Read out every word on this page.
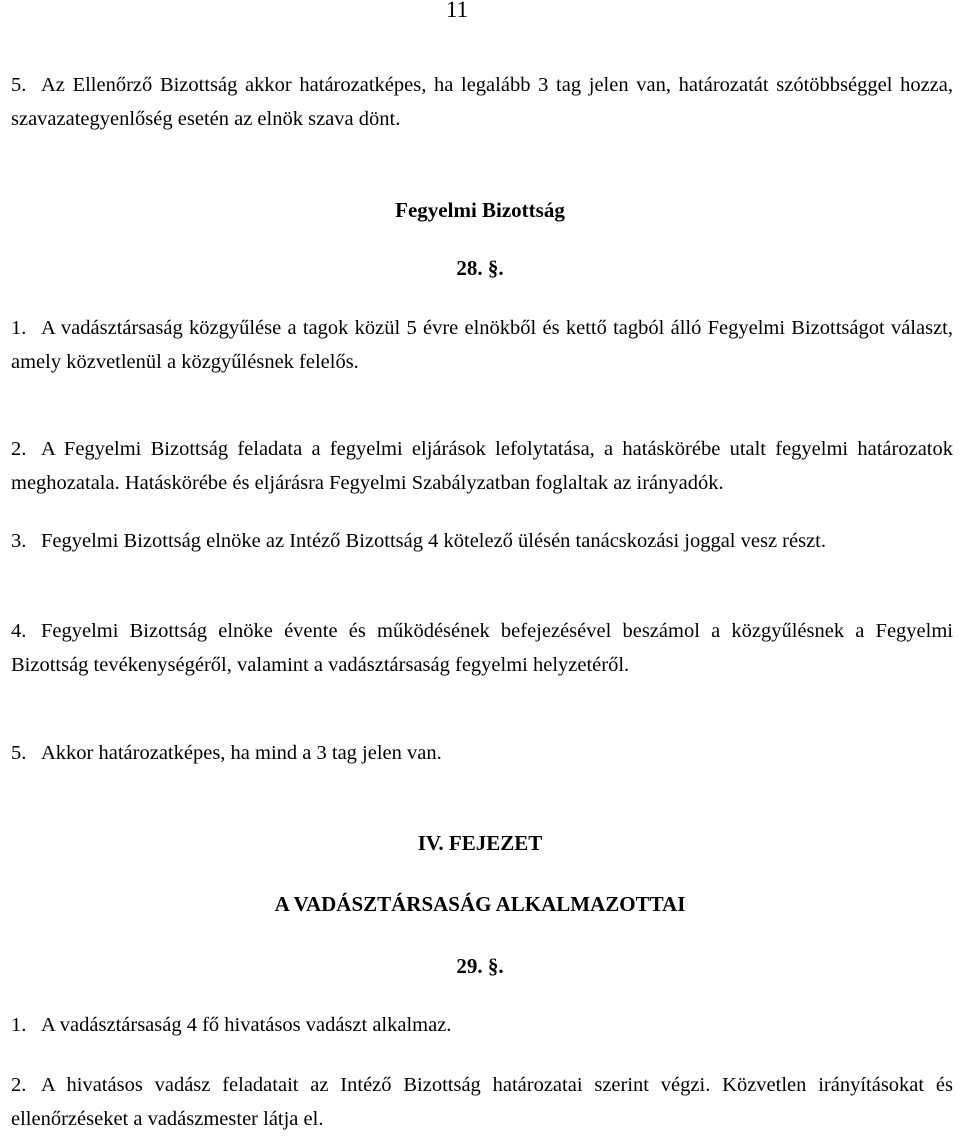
11
5. Az Ellenőrző Bizottság akkor határozatképes, ha legalább 3 tag jelen van, határozatát szótöbbséggel hozza, szavazategyenlőség esetén az elnök szava dönt.
Fegyelmi Bizottság
28. §.
1. A vadásztársaság közgyűlése a tagok közül 5 évre elnökből és kettő tagból álló Fegyelmi Bizottságot választ, amely közvetlenül a közgyűlésnek felelős.
2. A Fegyelmi Bizottság feladata a fegyelmi eljárások lefolytatása, a hatáskörébe utalt fegyelmi határozatok meghozatala. Hatáskörébe és eljárásra Fegyelmi Szabályzatban foglaltak az irányadók.
3. Fegyelmi Bizottság elnöke az Intéző Bizottság 4 kötelező ülésén tanácskozási joggal vesz részt.
4. Fegyelmi Bizottság elnöke évente és működésének befejezésével beszámol a közgyűlésnek a Fegyelmi Bizottság tevékenységéről, valamint a vadásztársaság fegyelmi helyzetéről.
5. Akkor határozatképes, ha mind a 3 tag jelen van.
IV. FEJEZET
A VADÁSZTÁRSASÁG ALKALMAZOTTAI
29. §.
1. A vadásztársaság 4 fő hivatásos vadászt alkalmaz.
2. A hivatásos vadász feladatait az Intéző Bizottság határozatai szerint végzi. Közvetlen irányításokat és ellenőrzéseket a vadászmester látja el.
